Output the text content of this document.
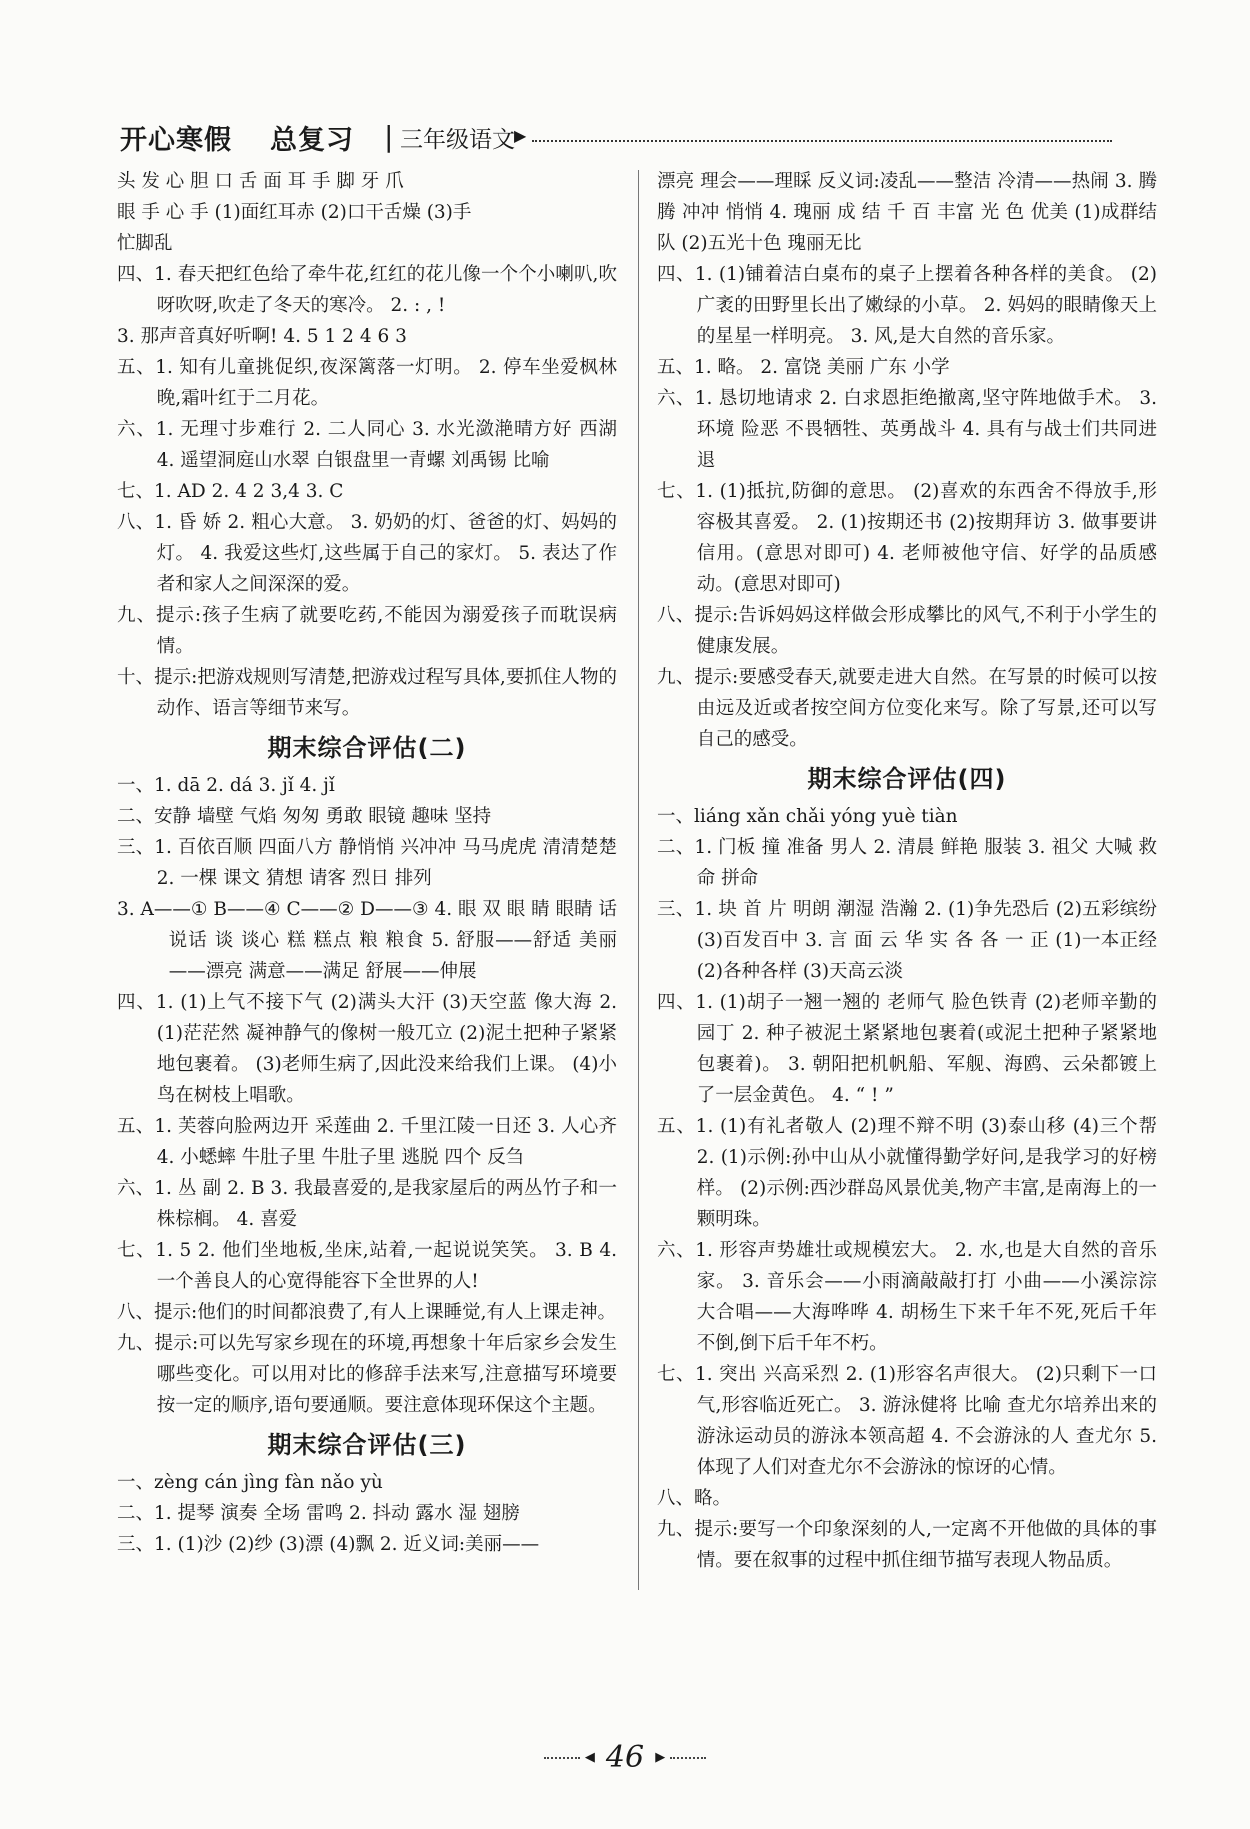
开心寒假 总复习 | 三年级语文 ▶

头 发 心 胆 口 舌 面 耳 手 脚 牙 爪

眼 手 心 手 (1)面红耳赤 (2)口干舌燥 (3)手

忙脚乱

四、1. 春天把红色给了牵牛花,红红的花儿像一个个小喇叭,吹呀吹呀,吹走了冬天的寒冷。 2. : , !

3. 那声音真好听啊! 4. 5 1 2 4 6 3

五、1. 知有儿童挑促织,夜深篱落一灯明。 2. 停车坐爱枫林晚,霜叶红于二月花。

六、1. 无理寸步难行 2. 二人同心 3. 水光潋滟晴方好 西湖 4. 遥望洞庭山水翠 白银盘里一青螺 刘禹锡 比喻

七、1. AD 2. 4 2 3,4 3. C

八、1. 昏 娇 2. 粗心大意。 3. 奶奶的灯、爸爸的灯、妈妈的灯。 4. 我爱这些灯,这些属于自己的家灯。 5. 表达了作者和家人之间深深的爱。

九、提示:孩子生病了就要吃药,不能因为溺爱孩子而耽误病情。

十、提示:把游戏规则写清楚,把游戏过程写具体,要抓住人物的动作、语言等细节来写。

期末综合评估(二)

一、1. dā 2. dá 3. jǐ 4. jǐ

二、安静 墙壁 气焰 匆匆 勇敢 眼镜 趣味 坚持

三、1. 百依百顺 四面八方 静悄悄 兴冲冲 马马虎虎 清清楚楚 2. 一棵 课文 猜想 请客 烈日 排列

3. A——① B——④ C——② D——③ 4. 眼 双 眼 睛 眼睛 话 说话 谈 谈心 糕 糕点 粮 粮食 5. 舒服——舒适 美丽——漂亮 满意——满足 舒展——伸展

四、1. (1)上气不接下气 (2)满头大汗 (3)天空蓝 像大海 2. (1)茫茫然 凝神静气的像树一般兀立 (2)泥土把种子紧紧地包裹着。 (3)老师生病了,因此没来给我们上课。 (4)小鸟在树枝上唱歌。

五、1. 芙蓉向脸两边开 采莲曲 2. 千里江陵一日还 3. 人心齐 4. 小蟋蟀 牛肚子里 牛肚子里 逃脱 四个 反刍

六、1. 丛 副 2. B 3. 我最喜爱的,是我家屋后的两丛竹子和一株棕榈。 4. 喜爱

七、1. 5 2. 他们坐地板,坐床,站着,一起说说笑笑。 3. B 4. 一个善良人的心宽得能容下全世界的人!

八、提示:他们的时间都浪费了,有人上课睡觉,有人上课走神。

九、提示:可以先写家乡现在的环境,再想象十年后家乡会发生哪些变化。可以用对比的修辞手法来写,注意描写环境要按一定的顺序,语句要通顺。要注意体现环保这个主题。

期末综合评估(三)

一、zèng cán jìng fàn nǎo yù

二、1. 提琴 演奏 全场 雷鸣 2. 抖动 露水 湿 翅膀

三、1. (1)沙 (2)纱 (3)漂 (4)飘 2. 近义词:美丽——

漂亮 理会——理睬 反义词:凌乱——整洁 冷清——热闹 3. 腾腾 冲冲 悄悄 4. 瑰丽 成 结 千 百 丰富 光 色 优美 (1)成群结队 (2)五光十色 瑰丽无比

四、1. (1)铺着洁白桌布的桌子上摆着各种各样的美食。 (2)广袤的田野里长出了嫩绿的小草。 2. 妈妈的眼睛像天上的星星一样明亮。 3. 风,是大自然的音乐家。

五、1. 略。 2. 富饶 美丽 广东 小学

六、1. 恳切地请求 2. 白求恩拒绝撤离,坚守阵地做手术。 3. 环境 险恶 不畏牺牲、英勇战斗 4. 具有与战士们共同进退

七、1. (1)抵抗,防御的意思。 (2)喜欢的东西舍不得放手,形容极其喜爱。 2. (1)按期还书 (2)按期拜访 3. 做事要讲信用。(意思对即可) 4. 老师被他守信、好学的品质感动。(意思对即可)

八、提示:告诉妈妈这样做会形成攀比的风气,不利于小学生的健康发展。

九、提示:要感受春天,就要走进大自然。在写景的时候可以按由远及近或者按空间方位变化来写。除了写景,还可以写自己的感受。

期末综合评估(四)

一、liáng xǎn chǎi yóng yuè tiàn

二、1. 门板 撞 准备 男人 2. 清晨 鲜艳 服装 3. 祖父 大喊 救命 拼命

三、1. 块 首 片 明朗 潮湿 浩瀚 2. (1)争先恐后 (2)五彩缤纷 (3)百发百中 3. 言 面 云 华 实 各 各 一 正 (1)一本正经 (2)各种各样 (3)天高云淡

四、1. (1)胡子一翘一翘的 老师气 脸色铁青 (2)老师辛勤的园丁 2. 种子被泥土紧紧地包裹着(或泥土把种子紧紧地包裹着)。 3. 朝阳把机帆船、军舰、海鸥、云朵都镀上了一层金黄色。 4. “ ! ”

五、1. (1)有礼者敬人 (2)理不辩不明 (3)泰山移 (4)三个帮 2. (1)示例:孙中山从小就懂得勤学好问,是我学习的好榜样。 (2)示例:西沙群岛风景优美,物产丰富,是南海上的一颗明珠。

六、1. 形容声势雄壮或规模宏大。 2. 水,也是大自然的音乐家。 3. 音乐会——小雨滴敲敲打打 小曲——小溪淙淙 大合唱——大海哗哗 4. 胡杨生下来千年不死,死后千年不倒,倒下后千年不朽。

七、1. 突出 兴高采烈 2. (1)形容名声很大。 (2)只剩下一口气,形容临近死亡。 3. 游泳健将 比喻 查尤尔培养出来的游泳运动员的游泳本领高超 4. 不会游泳的人 查尤尔 5. 体现了人们对查尤尔不会游泳的惊讶的心情。

八、略。

九、提示:要写一个印象深刻的人,一定离不开他做的具体的事情。要在叙事的过程中抓住细节描写表现人物品质。

◀ 46 ▶
